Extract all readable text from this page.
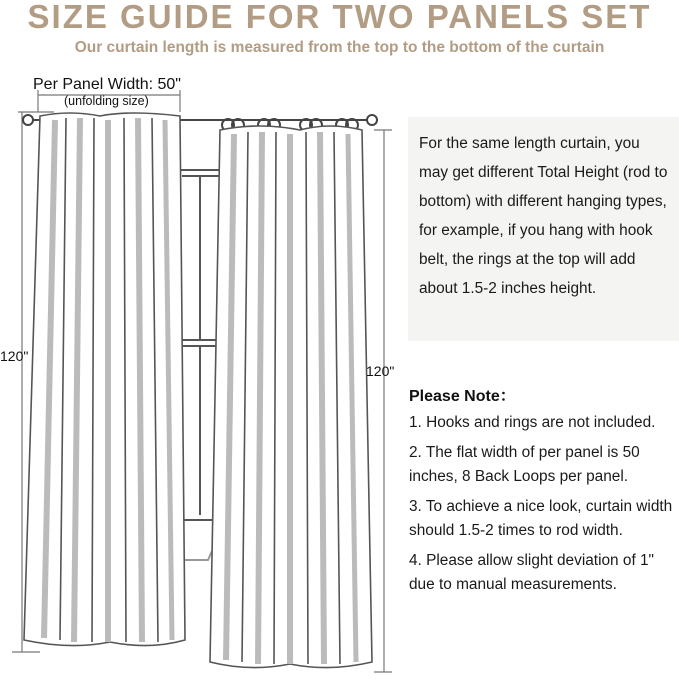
SIZE GUIDE FOR TWO PANELS SET
Our curtain length is measured from the top to the bottom of the curtain
Per Panel Width: 50"
(unfolding size)
120"
120"
For the same length curtain, you may get different Total Height (rod to bottom) with different hanging types, for example, if you hang with hook belt, the rings at the top will add about 1.5-2 inches height.
Please Note：
1. Hooks and rings are not included.
2. The flat width of per panel is 50 inches, 8 Back Loops per panel.
3. To achieve a nice look, curtain width should 1.5-2 times to rod width.
4. Please allow slight deviation of 1" due to manual measurements.
